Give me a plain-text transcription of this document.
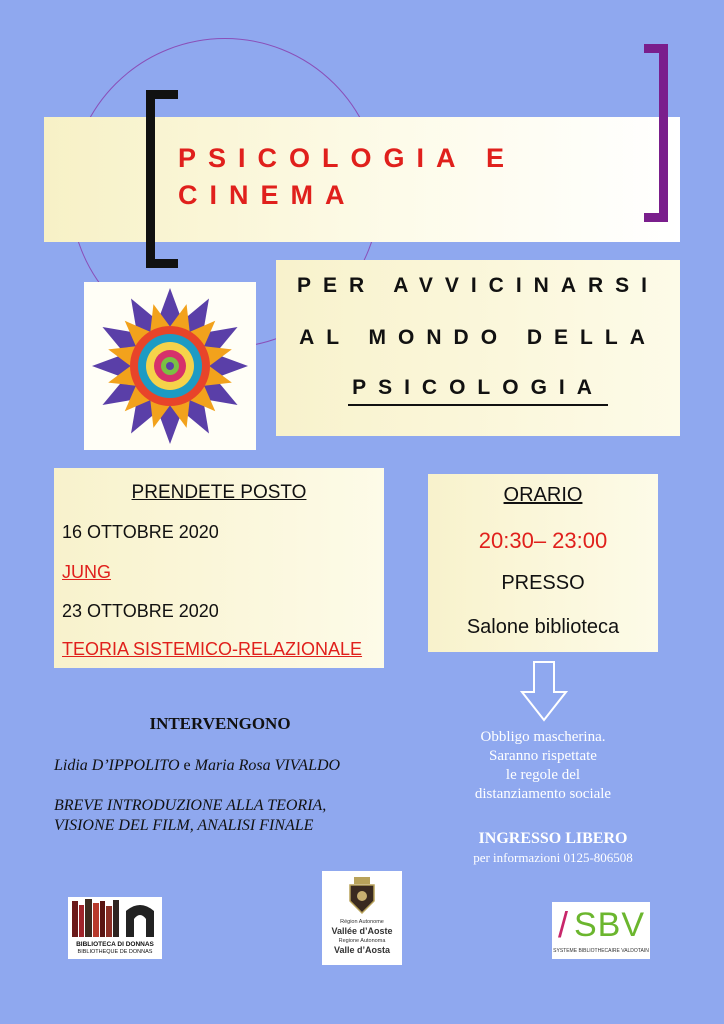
PSICOLOGIA E
CINEMA
PER AVVICINARSI
AL MONDO DELLA
PSICOLOGIA
PRENDETE POSTO
16 OTTOBRE 2020
JUNG
23 OTTOBRE 2020
TEORIA SISTEMICO-RELAZIONALE
ORARIO
20:30– 23:00
PRESSO
Salone biblioteca
INTERVENGONO
Lidia D’IPPOLITO e Maria Rosa VIVALDO
BREVE INTRODUZIONE ALLA TEORIA,
VISIONE DEL FILM, ANALISI FINALE
Obbligo mascherina.
Saranno rispettate
le regole del
distanziamento sociale
INGRESSO LIBERO
per informazioni 0125-806508
BIBLIOTECA DI DONNAS
BIBLIOTHEQUE DE DONNAS
Région Autonome
Vallée d’Aoste
Regione Autonoma
Valle d’Aosta
/ SBV
SYSTEME BIBLIOTHECAIRE VALDOTAIN
